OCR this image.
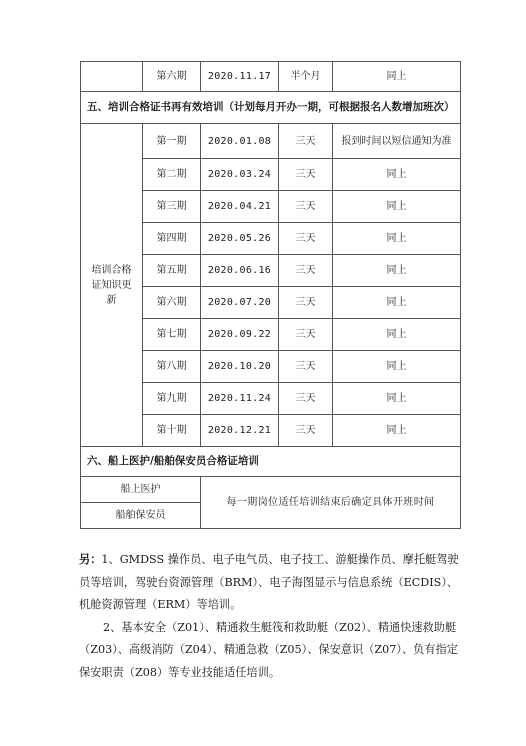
	第六期	2020.11.17	半个月	同上
五、培训合格证书再有效培训（计划每月开办一期，可根据报名人数增加班次）				
培训合格证知识更新	第一期	2020.01.08	三天	报到时间以短信通知为准
	第二期	2020.03.24	三天	同上
	第三期	2020.04.21	三天	同上
	第四期	2020.05.26	三天	同上
	第五期	2020.06.16	三天	同上
	第六期	2020.07.20	三天	同上
	第七期	2020.09.22	三天	同上
	第八期	2020.10.20	三天	同上
	第九期	2020.11.24	三天	同上
	第十期	2020.12.21	三天	同上
六、船上医护/船舶保安员合格证培训				
船上医护		每一期岗位适任培训结束后确定具体开班时间		
船舶保安员				

另：1、GMDSS 操作员、电子电气员、电子技工、游艇操作员、摩托艇驾驶员等培训，驾驶台资源管理（BRM）、电子海图显示与信息系统（ECDIS）、机舱资源管理（ERM）等培训。

2、基本安全（Z01）、精通救生艇筏和救助艇（Z02）、精通快速救助艇（Z03）、高级消防（Z04）、精通急救（Z05）、保安意识（Z07）、负有指定保安职责（Z08）等专业技能适任培训。
